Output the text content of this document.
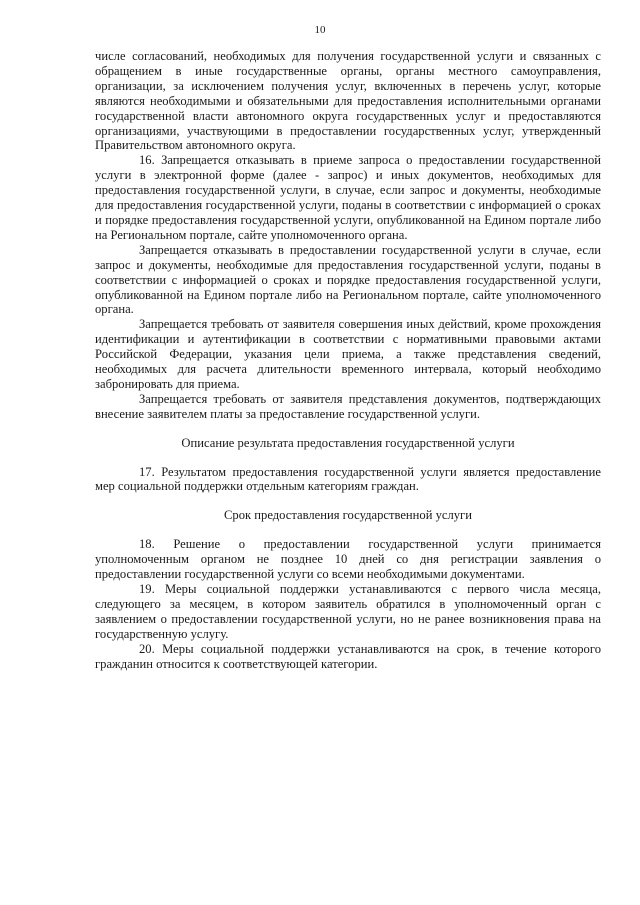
10

числе согласований, необходимых для получения государственной услуги и связанных с обращением в иные государственные органы, органы местного самоуправления, организации, за исключением получения услуг, включенных в перечень услуг, которые являются необходимыми и обязательными для предоставления исполнительными органами государственной власти автономного округа государственных услуг и предоставляются организациями, участвующими в предоставлении государственных услуг, утвержденный Правительством автономного округа.

16. Запрещается отказывать в приеме запроса о предоставлении государственной услуги в электронной форме (далее - запрос) и иных документов, необходимых для предоставления государственной услуги, в случае, если запрос и документы, необходимые для предоставления государственной услуги, поданы в соответствии с информацией о сроках и порядке предоставления государственной услуги, опубликованной на Едином портале либо на Региональном портале, сайте уполномоченного органа.

Запрещается отказывать в предоставлении государственной услуги в случае, если запрос и документы, необходимые для предоставления государственной услуги, поданы в соответствии с информацией о сроках и порядке предоставления государственной услуги, опубликованной на Едином портале либо на Региональном портале, сайте уполномоченного органа.

Запрещается требовать от заявителя совершения иных действий, кроме прохождения идентификации и аутентификации в соответствии с нормативными правовыми актами Российской Федерации, указания цели приема, а также представления сведений, необходимых для расчета длительности временного интервала, который необходимо забронировать для приема.

Запрещается требовать от заявителя представления документов, подтверждающих внесение заявителем платы за предоставление государственной услуги.

Описание результата предоставления государственной услуги

17. Результатом предоставления государственной услуги является предоставление мер социальной поддержки отдельным категориям граждан.

Срок предоставления государственной услуги

18. Решение о предоставлении государственной услуги принимается уполномоченным органом не позднее 10 дней со дня регистрации заявления о предоставлении государственной услуги со всеми необходимыми документами.

19. Меры социальной поддержки устанавливаются с первого числа месяца, следующего за месяцем, в котором заявитель обратился в уполномоченный орган с заявлением о предоставлении государственной услуги, но не ранее возникновения права на государственную услугу.

20. Меры социальной поддержки устанавливаются на срок, в течение которого гражданин относится к соответствующей категории.
